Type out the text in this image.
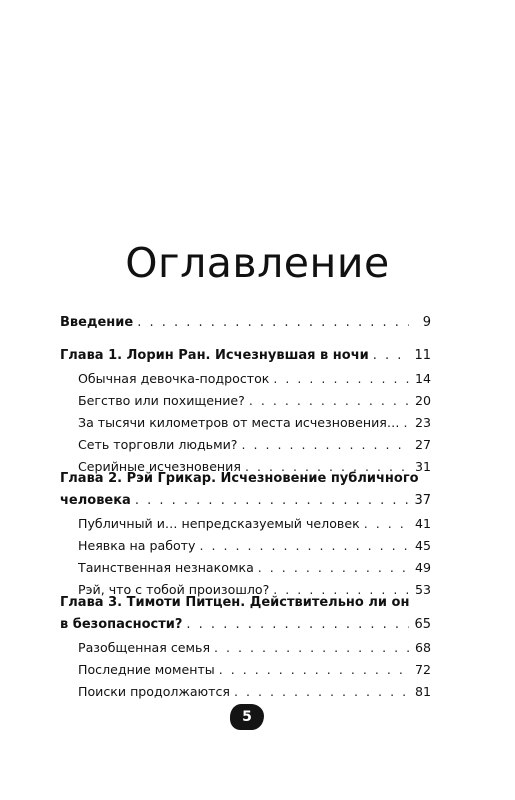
Оглавление
Введение . . .	9
Глава 1. Лорин Ран. Исчезнувшая в ночи . . .	11
Обычная девочка-подросток . . .	14
Бегство или похищение? . . .	20
За тысячи километров от места исчезновения… . . . 23
Сеть торговли людьми? . . .	27
Серийные исчезновения . . .	31
Глава 2. Рэй Грикар. Исчезновение публичного
человека . . .	37
Публичный и… непредсказуемый человек . . .	41
Неявка на работу . . .	45
Таинственная незнакомка . . .	49
Рэй, что с тобой произошло? . . .	53
Глава 3. Тимоти Питцен. Действительно ли он
в безопасности? . . .	65
Разобщенная семья . . .	68
Последние моменты . . .	72
Поиски продолжаются . . .	81
5
